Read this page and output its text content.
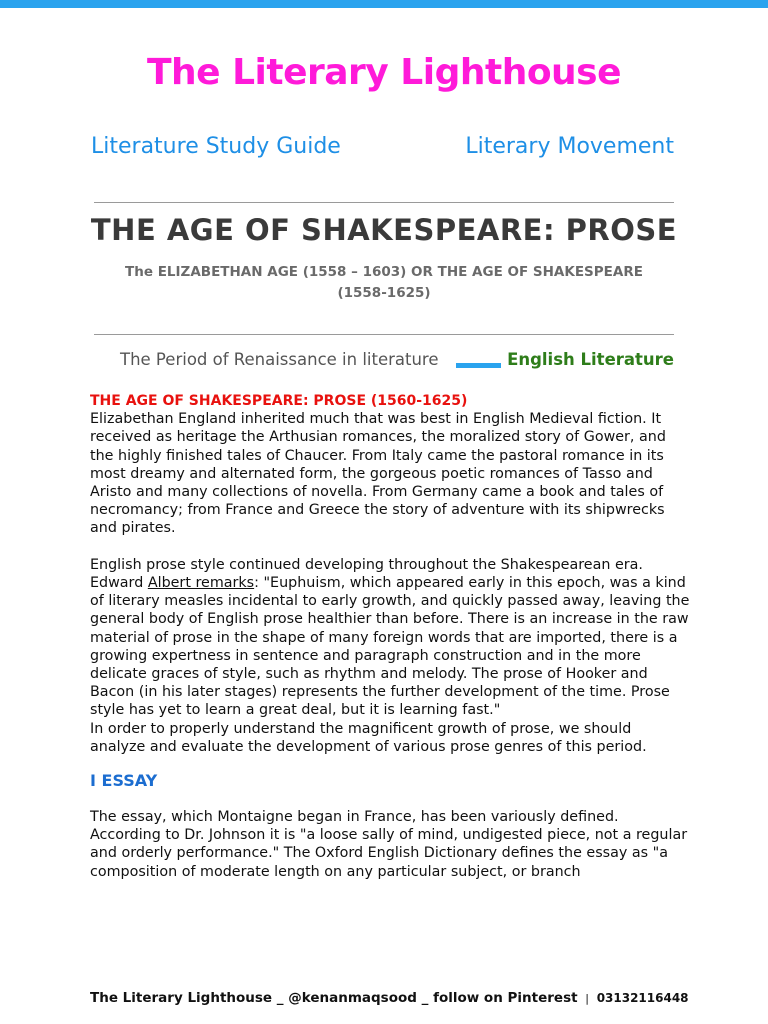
The Literary Lighthouse
Literature Study Guide	Literary Movement
THE AGE OF SHAKESPEARE: PROSE
The ELIZABETHAN AGE (1558 – 1603) OR THE AGE OF SHAKESPEARE (1558-1625)
The Period of Renaissance in literature	English Literature

THE AGE OF SHAKESPEARE: PROSE (1560-1625)

Elizabethan England inherited much that was best in English Medieval fiction. It received as heritage the Arthusian romances, the moralized story of Gower, and the highly finished tales of Chaucer. From Italy came the pastoral romance in its most dreamy and alternated form, the gorgeous poetic romances of Tasso and Aristo and many collections of novella. From Germany came a book and tales of necromancy; from France and Greece the story of adventure with its shipwrecks and pirates.

English prose style continued developing throughout the Shakespearean era. Edward Albert remarks: "Euphuism, which appeared early in this epoch, was a kind of literary measles incidental to early growth, and quickly passed away, leaving the general body of English prose healthier than before. There is an increase in the raw material of prose in the shape of many foreign words that are imported, there is a growing expertness in sentence and paragraph construction and in the more delicate graces of style, such as rhythm and melody. The prose of Hooker and Bacon (in his later stages) represents the further development of the time. Prose style has yet to learn a great deal, but it is learning fast."

In order to properly understand the magnificent growth of prose, we should analyze and evaluate the development of various prose genres of this period.

I ESSAY

The essay, which Montaigne began in France, has been variously defined. According to Dr. Johnson it is "a loose sally of mind, undigested piece, not a regular and orderly performance." The Oxford English Dictionary defines the essay as "a composition of moderate length on any particular subject, or branch

The Literary Lighthouse _ @kenanmaqsood _ follow on Pinterest | 03132116448
